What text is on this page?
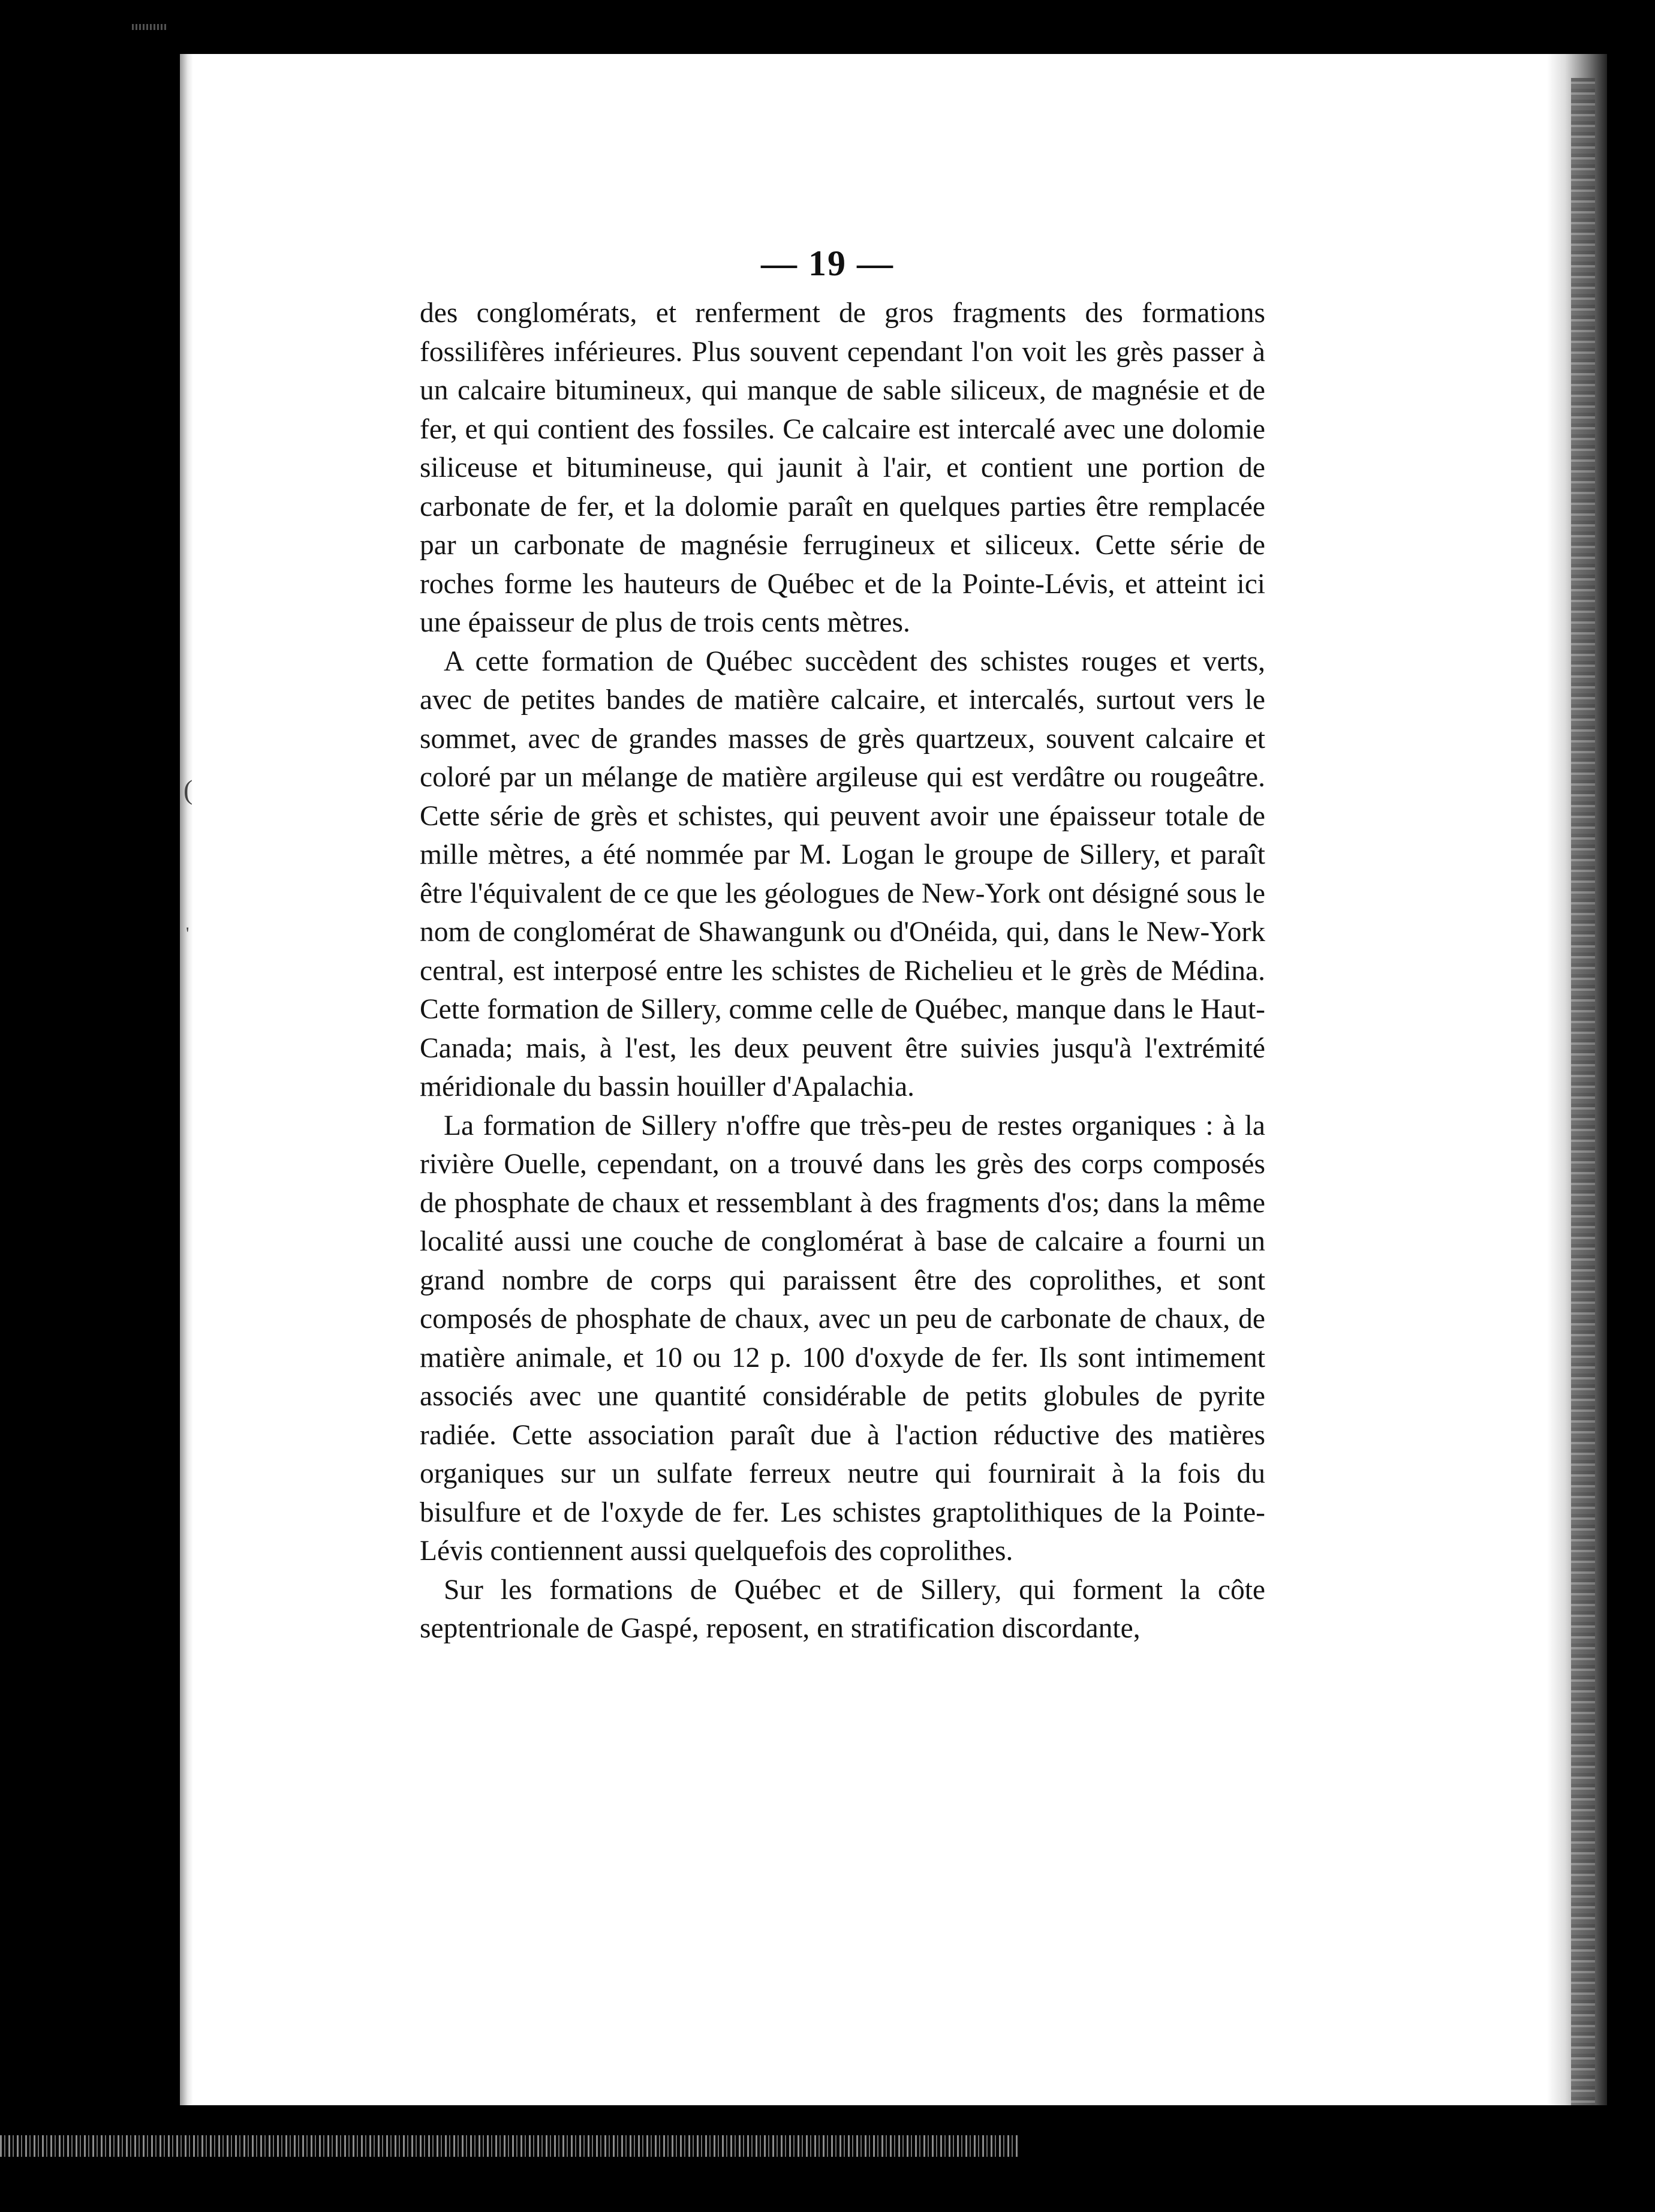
(
'
— 19 —

des conglomérats, et renferment de gros fragments des formations fossilifères inférieures. Plus souvent cependant l'on voit les grès passer à un calcaire bitumineux, qui manque de sable siliceux, de magnésie et de fer, et qui contient des fossiles. Ce calcaire est intercalé avec une dolomie siliceuse et bitumineuse, qui jaunit à l'air, et contient une portion de carbonate de fer, et la dolomie paraît en quelques parties être remplacée par un carbonate de magnésie ferrugineux et siliceux. Cette série de roches forme les hauteurs de Québec et de la Pointe-Lévis, et atteint ici une épaisseur de plus de trois cents mètres.

A cette formation de Québec succèdent des schistes rouges et verts, avec de petites bandes de matière calcaire, et intercalés, surtout vers le sommet, avec de grandes masses de grès quartzeux, souvent calcaire et coloré par un mélange de matière argileuse qui est verdâtre ou rougeâtre. Cette série de grès et schistes, qui peuvent avoir une épaisseur totale de mille mètres, a été nommée par M. Logan le groupe de Sillery, et paraît être l'équivalent de ce que les géologues de New-York ont désigné sous le nom de conglomérat de Shawangunk ou d'Onéida, qui, dans le New-York central, est interposé entre les schistes de Richelieu et le grès de Médina. Cette formation de Sillery, comme celle de Québec, manque dans le Haut-Canada; mais, à l'est, les deux peuvent être suivies jusqu'à l'extrémité méridionale du bassin houiller d'Apalachia.

La formation de Sillery n'offre que très-peu de restes organiques : à la rivière Ouelle, cependant, on a trouvé dans les grès des corps composés de phosphate de chaux et ressemblant à des fragments d'os; dans la même localité aussi une couche de conglomérat à base de calcaire a fourni un grand nombre de corps qui paraissent être des coprolithes, et sont composés de phosphate de chaux, avec un peu de carbonate de chaux, de matière animale, et 10 ou 12 p. 100 d'oxyde de fer. Ils sont intimement associés avec une quantité considérable de petits globules de pyrite radiée. Cette association paraît due à l'action réductive des matières organiques sur un sulfate ferreux neutre qui fournirait à la fois du bisulfure et de l'oxyde de fer. Les schistes graptolithiques de la Pointe-Lévis contiennent aussi quelquefois des coprolithes.

Sur les formations de Québec et de Sillery, qui forment la côte septentrionale de Gaspé, reposent, en stratification discordante,
